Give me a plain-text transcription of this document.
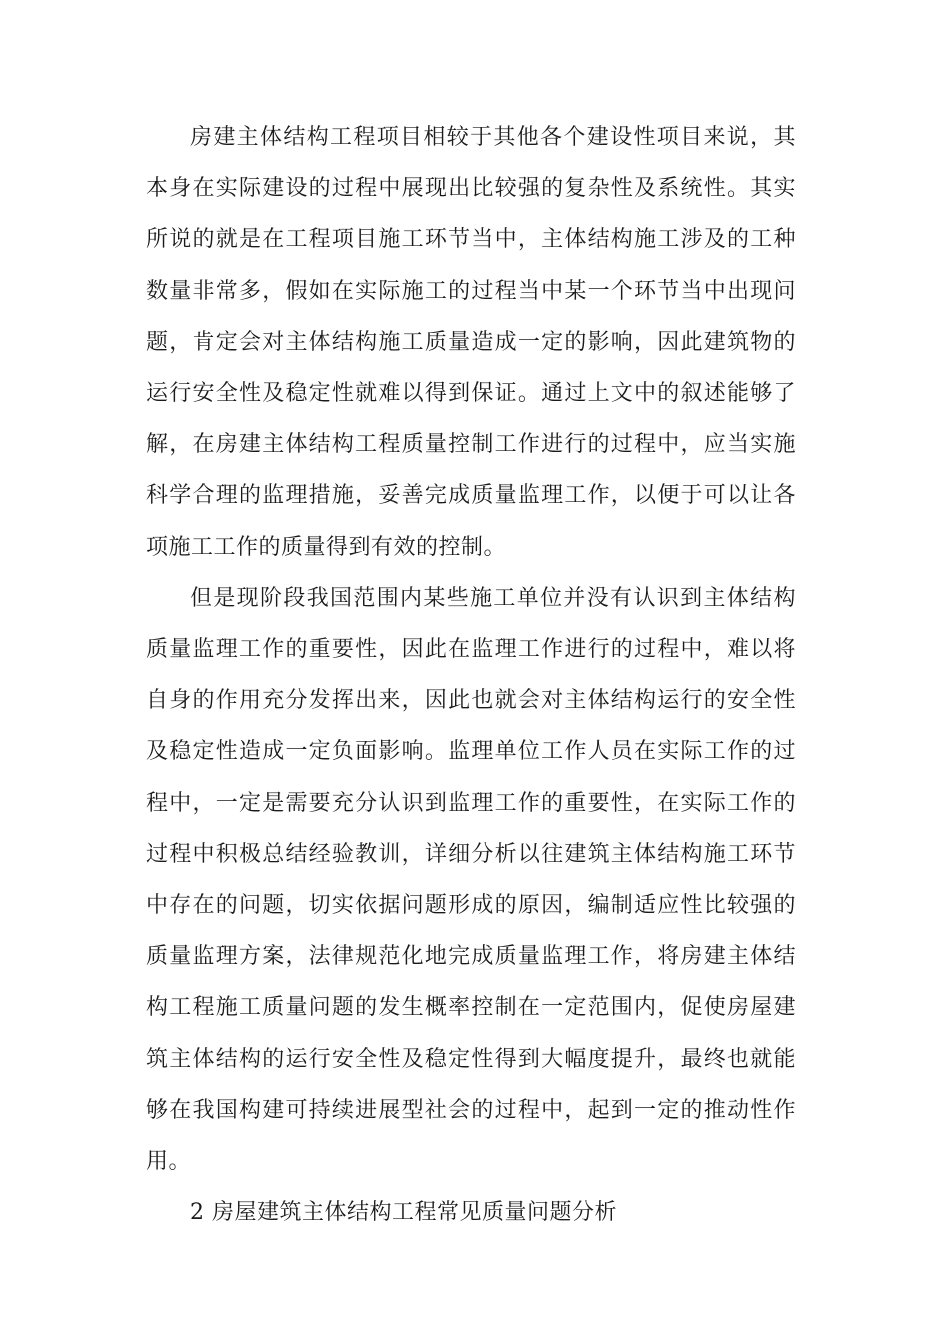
房建主体结构工程项目相较于其他各个建设性项目来说，其本身在实际建设的过程中展现出比较强的复杂性及系统性。其实所说的就是在工程项目施工环节当中，主体结构施工涉及的工种数量非常多，假如在实际施工的过程当中某一个环节当中出现问题，肯定会对主体结构施工质量造成一定的影响，因此建筑物的运行安全性及稳定性就难以得到保证。通过上文中的叙述能够了解，在房建主体结构工程质量控制工作进行的过程中，应当实施科学合理的监理措施，妥善完成质量监理工作，以便于可以让各项施工工作的质量得到有效的控制。

但是现阶段我国范围内某些施工单位并没有认识到主体结构质量监理工作的重要性，因此在监理工作进行的过程中，难以将自身的作用充分发挥出来，因此也就会对主体结构运行的安全性及稳定性造成一定负面影响。监理单位工作人员在实际工作的过程中，一定是需要充分认识到监理工作的重要性，在实际工作的过程中积极总结经验教训，详细分析以往建筑主体结构施工环节中存在的问题，切实依据问题形成的原因，编制适应性比较强的质量监理方案，法律规范化地完成质量监理工作，将房建主体结构工程施工质量问题的发生概率控制在一定范围内，促使房屋建筑主体结构的运行安全性及稳定性得到大幅度提升，最终也就能够在我国构建可持续进展型社会的过程中，起到一定的推动性作用。

2 房屋建筑主体结构工程常见质量问题分析
